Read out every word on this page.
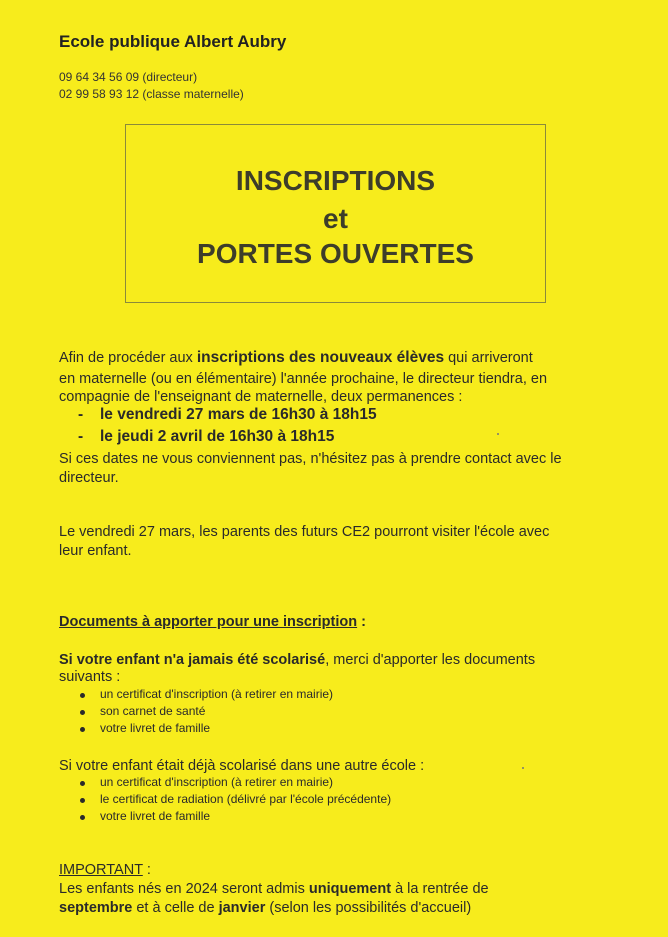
Ecole publique Albert Aubry
09 64 34 56 09 (directeur)
02 99 58 93 12 (classe maternelle)
INSCRIPTIONS
et
PORTES OUVERTES
Afin de procéder aux inscriptions des nouveaux élèves qui arriveront
en maternelle (ou en élémentaire) l'année prochaine, le directeur tiendra, en
compagnie de l'enseignant de maternelle, deux permanences :
- le vendredi 27 mars de 16h30 à 18h15
- le jeudi 2 avril de 16h30 à 18h15
Si ces dates ne vous conviennent pas, n'hésitez pas à prendre contact avec le
directeur.
Le vendredi 27 mars, les parents des futurs CE2 pourront visiter l'école avec
leur enfant.
Documents à apporter pour une inscription :
Si votre enfant n'a jamais été scolarisé, merci d'apporter les documents
suivants :
un certificat d'inscription (à retirer en mairie)
son carnet de santé
votre livret de famille
Si votre enfant était déjà scolarisé dans une autre école :
un certificat d'inscription (à retirer en mairie)
le certificat de radiation (délivré par l'école précédente)
votre livret de famille
IMPORTANT :
Les enfants nés en 2024 seront admis uniquement à la rentrée de
septembre et à celle de janvier (selon les possibilités d'accueil)
